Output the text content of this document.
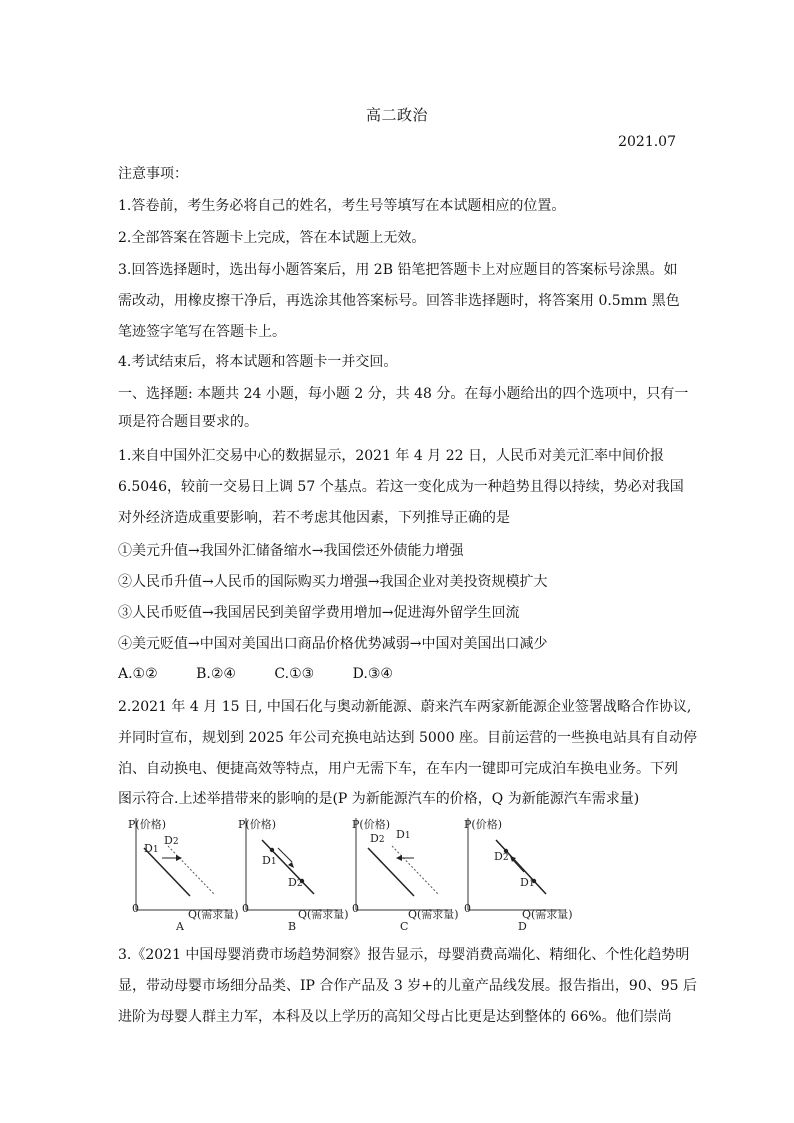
高二政治
2021.07
注意事项：
1.答卷前，考生务必将自己的姓名，考生号等填写在本试题相应的位置。
2.全部答案在答题卡上完成，答在本试题上无效。
3.回答选择题时，选出每小题答案后，用 2B 铅笔把答题卡上对应题目的答案标号涂黑。如
需改动，用橡皮擦干净后，再选涂其他答案标号。回答非选择题时，将答案用 0.5mm 黑色
笔迹签字笔写在答题卡上。
4.考试结束后，将本试题和答题卡一并交回。
一、选择题: 本题共 24 小题，每小题 2 分，共 48 分。在每小题给出的四个选项中，只有一
项是符合题目要求的。
1.来自中国外汇交易中心的数据显示，2021 年 4 月 22 日，人民币对美元汇率中间价报
6.5046，较前一交易日上调 57 个基点。若这一变化成为一种趋势且得以持续，势必对我国
对外经济造成重要影响，若不考虑其他因素，下列推导正确的是
①美元升值→我国外汇储备缩水→我国偿还外债能力增强
②人民币升值→人民币的国际购买力增强→我国企业对美投资规模扩大
③人民币贬值→我国居民到美留学费用增加→促进海外留学生回流
④美元贬值→中国对美国出口商品价格优势减弱→中国对美国出口减少
A.①②	B.②④	C.①③	D.③④
2.2021 年 4 月 15 日, 中国石化与奥动新能源、蔚来汽车两家新能源企业签署战略合作协议,
并同时宣布，规划到 2025 年公司充换电站达到 5000 座。目前运营的一些换电站具有自动停
泊、自动换电、便捷高效等特点，用户无需下车，在车内一键即可完成泊车换电业务。下列
图示符合.上述举措带来的影响的是(P 为新能源汽车的价格，Q 为新能源汽车需求量)
P(价格)
D1
D2
0	Q(需求量)
A
P(价格)
D1
D2
0	Q(需求量)
B
P(价格)
D2 D1
0	Q(需求量)
C
P(价格)
D2
D1
0	Q(需求量)
D
3.《2021 中国母婴消费市场趋势洞察》报告显示，母婴消费高端化、精细化、个性化趋势明
显，带动母婴市场细分品类、IP 合作产品及 3 岁+的儿童产品线发展。报告指出，90、95 后
进阶为母婴人群主力军，本科及以上学历的高知父母占比更是达到整体的 66%。他们崇尚
